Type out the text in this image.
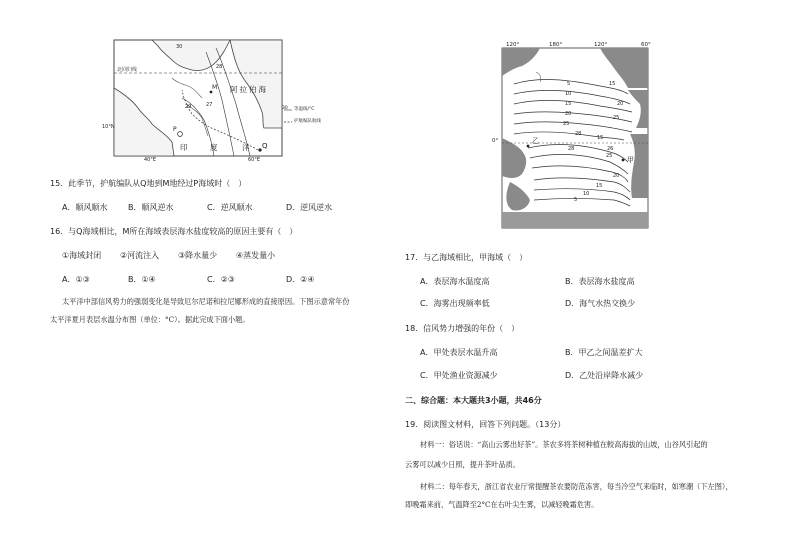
北回归线
10°N
40°E	60°E
阿拉伯海
印	度	洋 Q
P
M
27
28
29
30
30 等温线/°C
护航编队航线
15．此季节，护航编队从Q地到M地经过P海域时（　）
A．顺风顺水	B．顺风逆水	C．逆风顺水	D．逆风逆水
16．与Q海域相比，M所在海域表层海水盐度较高的原因主要有（　）
①海域封闭 ②河流注入 ③降水量少 ④蒸发量小
A．①③	B．①④	C．②③	D．②④
太平洋中部信风势力的强弱变化是导致厄尔尼诺和拉尼娜形成的直接原因。下图示意常年份
太平洋夏月表层水温分布图（单位：°C）。据此完成下面小题。
120°	180°	120°	60°
0°
甲
乙
5
10
15
20
25
28
28	26
25
20
15
10
5
15
15
20
25
17．与乙海域相比，甲海域（　）
A．表层海水温度高	B．表层海水盐度高
C．海雾出现频率低	D．海气水热交换少
18．信风势力增强的年份（　）
A．甲处表层水温升高	B．甲乙之间温差扩大
C．甲处渔业资源减少	D．乙处沿岸降水减少
二、综合题：本大题共3小题，共46分
19．阅读图文材料，回答下列问题。（13分）
材料一：俗话说：“高山云雾出好茶”。茶农多将茶树种植在較高海拔的山坡，山谷风引起的
云雾可以减少日照，提升茶叶品质。
材料二：每年春天，浙江省农业厅常提醒茶农要防范冻害，每当冷空气来临时，如寒潮（下左图），
即晚霜来前，气温降至2°C在右叶尖生雾，以减轻晚霜危害。
